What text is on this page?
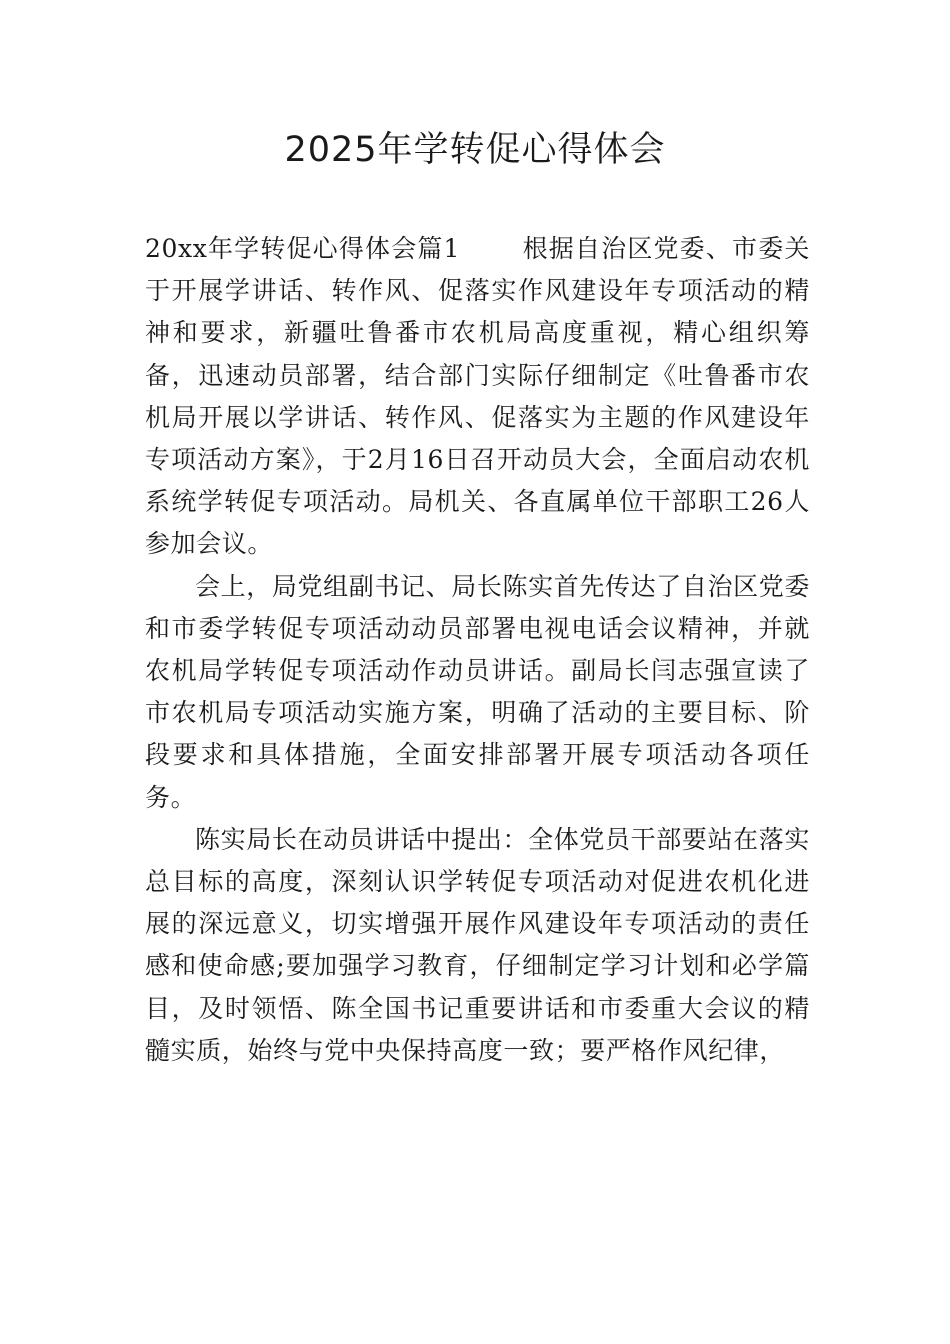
2025年学转促心得体会

20xx年学转促心得体会篇1 根据自治区党委、市委关于开展学讲话、转作风、促落实作风建设年专项活动的精神和要求，新疆吐鲁番市农机局高度重视，精心组织筹备，迅速动员部署，结合部门实际仔细制定《吐鲁番市农机局开展以学讲话、转作风、促落实为主题的作风建设年专项活动方案》，于2月16日召开动员大会，全面启动农机系统学转促专项活动。局机关、各直属单位干部职工26人参加会议。

会上，局党组副书记、局长陈实首先传达了自治区党委和市委学转促专项活动动员部署电视电话会议精神，并就农机局学转促专项活动作动员讲话。副局长闫志强宣读了市农机局专项活动实施方案，明确了活动的主要目标、阶段要求和具体措施，全面安排部署开展专项活动各项任务。

陈实局长在动员讲话中提出：全体党员干部要站在落实总目标的高度，深刻认识学转促专项活动对促进农机化进展的深远意义，切实增强开展作风建设年专项活动的责任感和使命感;要加强学习教育，仔细制定学习计划和必学篇目，及时领悟、陈全国书记重要讲话和市委重大会议的精髓实质，始终与党中央保持高度一致；要严格作风纪律，
